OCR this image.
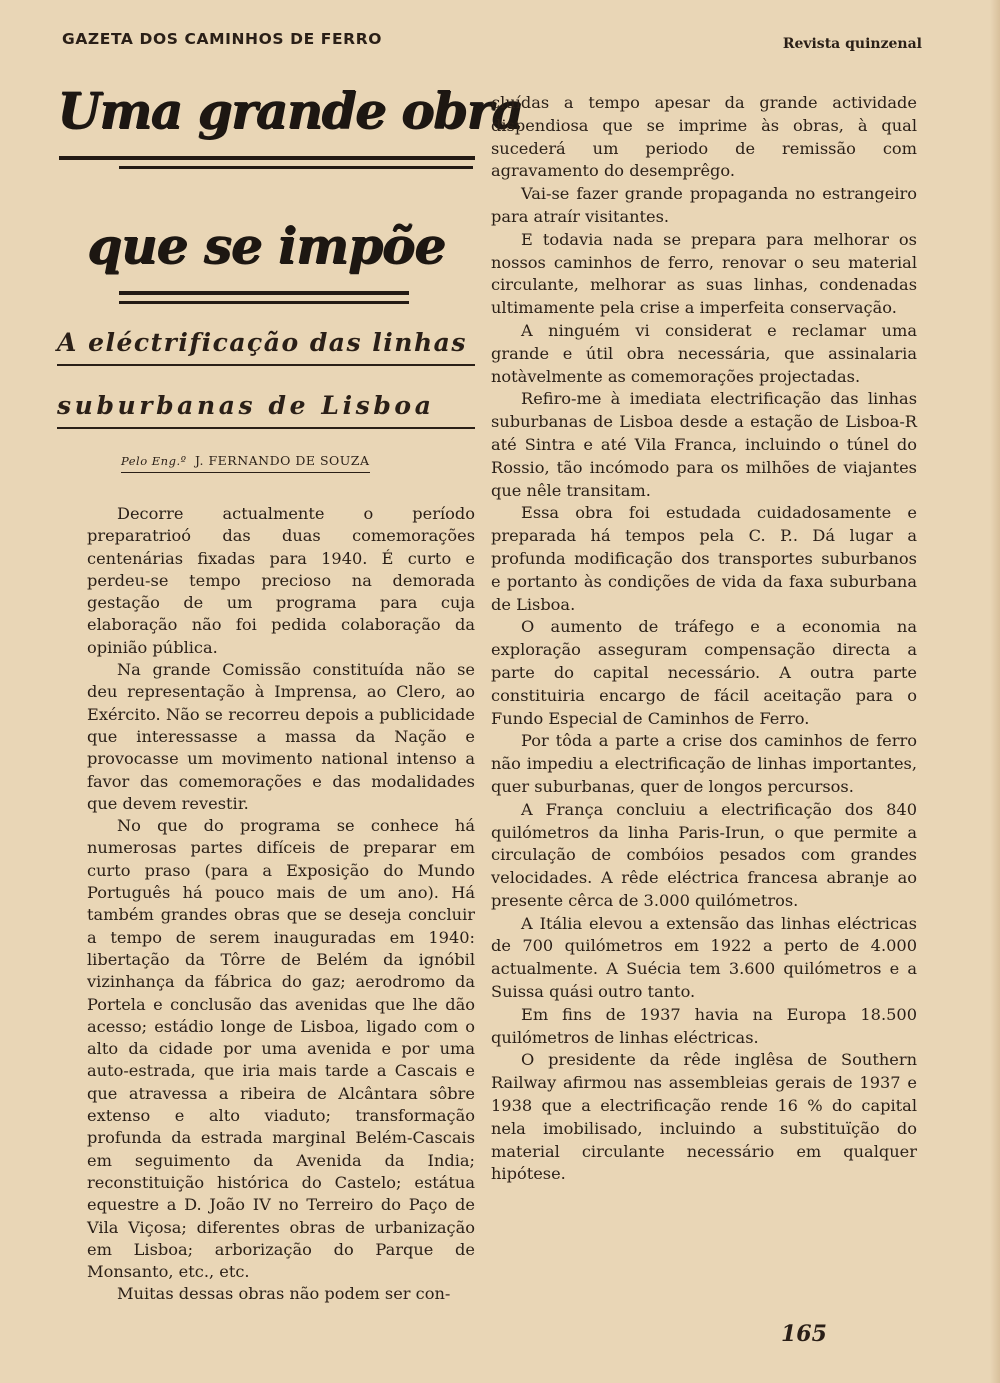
GAZETA DOS CAMINHOS DE FERRO	Revista quinzenal
Uma grande obra
que se impõe
A eléctrificação das linhas
suburbanas de Lisboa
Pelo Eng.º J. FERNANDO DE SOUZA

Decorre actualmente o período preparatrioó das duas comemorações centenárias fixadas para 1940. É curto e perdeu-se tempo precioso na demorada gestação de um programa para cuja elaboração não foi pedida colaboração da opinião pública.

Na grande Comissão constituída não se deu representação à Imprensa, ao Clero, ao Exército. Não se recorreu depois a publicidade que interessasse a massa da Nação e provocasse um movimento national intenso a favor das comemorações e das modalidades que devem revestir.

No que do programa se conhece há numerosas partes difíceis de preparar em curto praso (para a Exposição do Mundo Português há pouco mais de um ano). Há também grandes obras que se deseja concluir a tempo de serem inauguradas em 1940: libertação da Tôrre de Belém da ignóbil vizinhança da fábrica do gaz; aerodromo da Portela e conclusão das avenidas que lhe dão acesso; estádio longe de Lisboa, ligado com o alto da cidade por uma avenida e por uma auto-estrada, que iria mais tarde a Cascais e que atravessa a ribeira de Alcântara sôbre extenso e alto viaduto; transformação profunda da estrada marginal Belém-Cascais em seguimento da Avenida da India; reconstituição histórica do Castelo; estátua equestre a D. João IV no Terreiro do Paço de Vila Viçosa; diferentes obras de urbanização em Lisboa; arborização do Parque de Monsanto, etc., etc.

Muitas dessas obras não podem ser con-

cluídas a tempo apesar da grande actividade dispendiosa que se imprime às obras, à qual sucederá um periodo de remissão com agravamento do desemprêgo.

Vai-se fazer grande propaganda no estrangeiro para atraír visitantes.

E todavia nada se prepara para melhorar os nossos caminhos de ferro, renovar o seu material circulante, melhorar as suas linhas, condenadas ultimamente pela crise a imperfeita conservação.

A ninguém vi considerat e reclamar uma grande e útil obra necessária, que assinalaria notàvelmente as comemorações projectadas.

Refiro-me à imediata electrificação das linhas suburbanas de Lisboa desde a estação de Lisboa-R até Sintra e até Vila Franca, incluindo o túnel do Rossio, tão incómodo para os milhões de viajantes que nêle transitam.

Essa obra foi estudada cuidadosamente e preparada há tempos pela C. P.. Dá lugar a profunda modificação dos transportes suburbanos e portanto às condições de vida da faxa suburbana de Lisboa.

O aumento de tráfego e a economia na exploração asseguram compensação directa a parte do capital necessário. A outra parte constituiria encargo de fácil aceitação para o Fundo Especial de Caminhos de Ferro.

Por tôda a parte a crise dos caminhos de ferro não impediu a electrificação de linhas importantes, quer suburbanas, quer de longos percursos.

A França concluiu a electrificação dos 840 quilómetros da linha Paris-Irun, o que permite a circulação de combóios pesados com grandes velocidades. A rêde eléctrica francesa abranje ao presente cêrca de 3.000 quilómetros.

A Itália elevou a extensão das linhas eléctricas de 700 quilómetros em 1922 a perto de 4.000 actualmente. A Suécia tem 3.600 quilómetros e a Suissa quási outro tanto.

Em fins de 1937 havia na Europa 18.500 quilómetros de linhas eléctricas.

O presidente da rêde inglêsa de Southern Railway afirmou nas assembleias gerais de 1937 e 1938 que a electrificação rende 16 % do capital nela imobilisado, incluindo a substituïção do material circulante necessário em qualquer hipótese.

165
